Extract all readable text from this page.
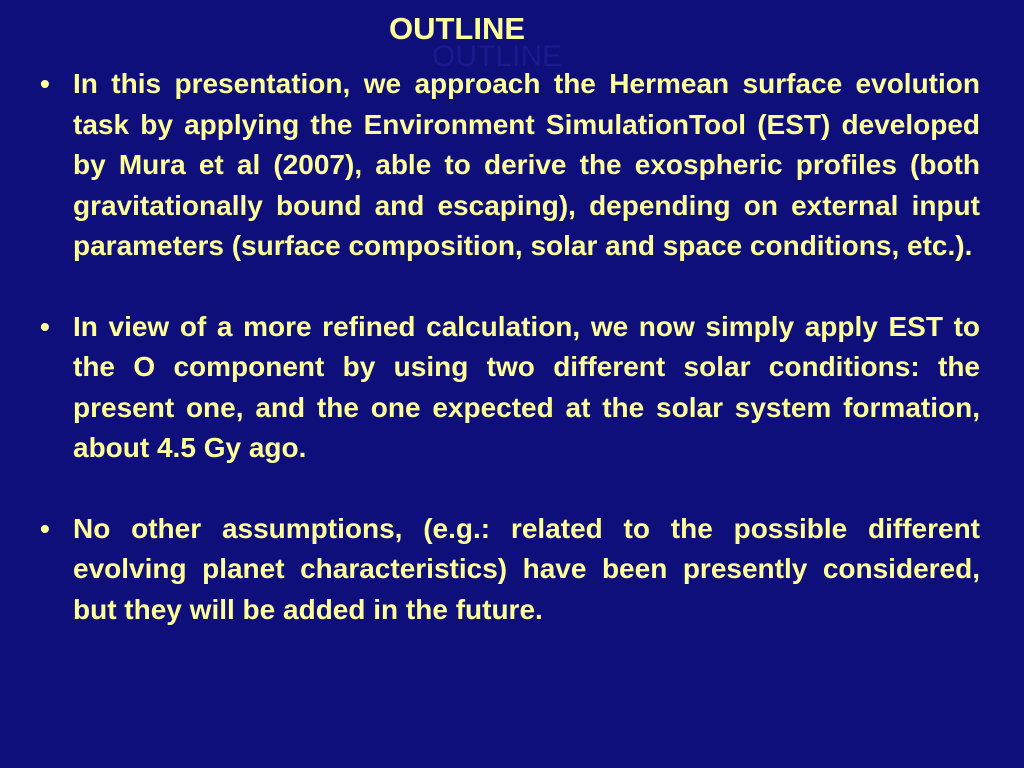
OUTLINE
OUTLINE
• In this presentation, we approach the Hermean surface evolution task by applying the Environment SimulationTool (EST) developed by Mura et al (2007), able to derive the exospheric profiles (both gravitationally bound and escaping), depending on external input parameters (surface composition, solar and space conditions, etc.).
• In view of a more refined calculation, we now simply apply EST to the O component by using two different solar conditions: the present one, and the one expected at the solar system formation, about 4.5 Gy ago.
• No other assumptions, (e.g.: related to the possible different evolving planet characteristics) have been presently considered, but they will be added in the future.
